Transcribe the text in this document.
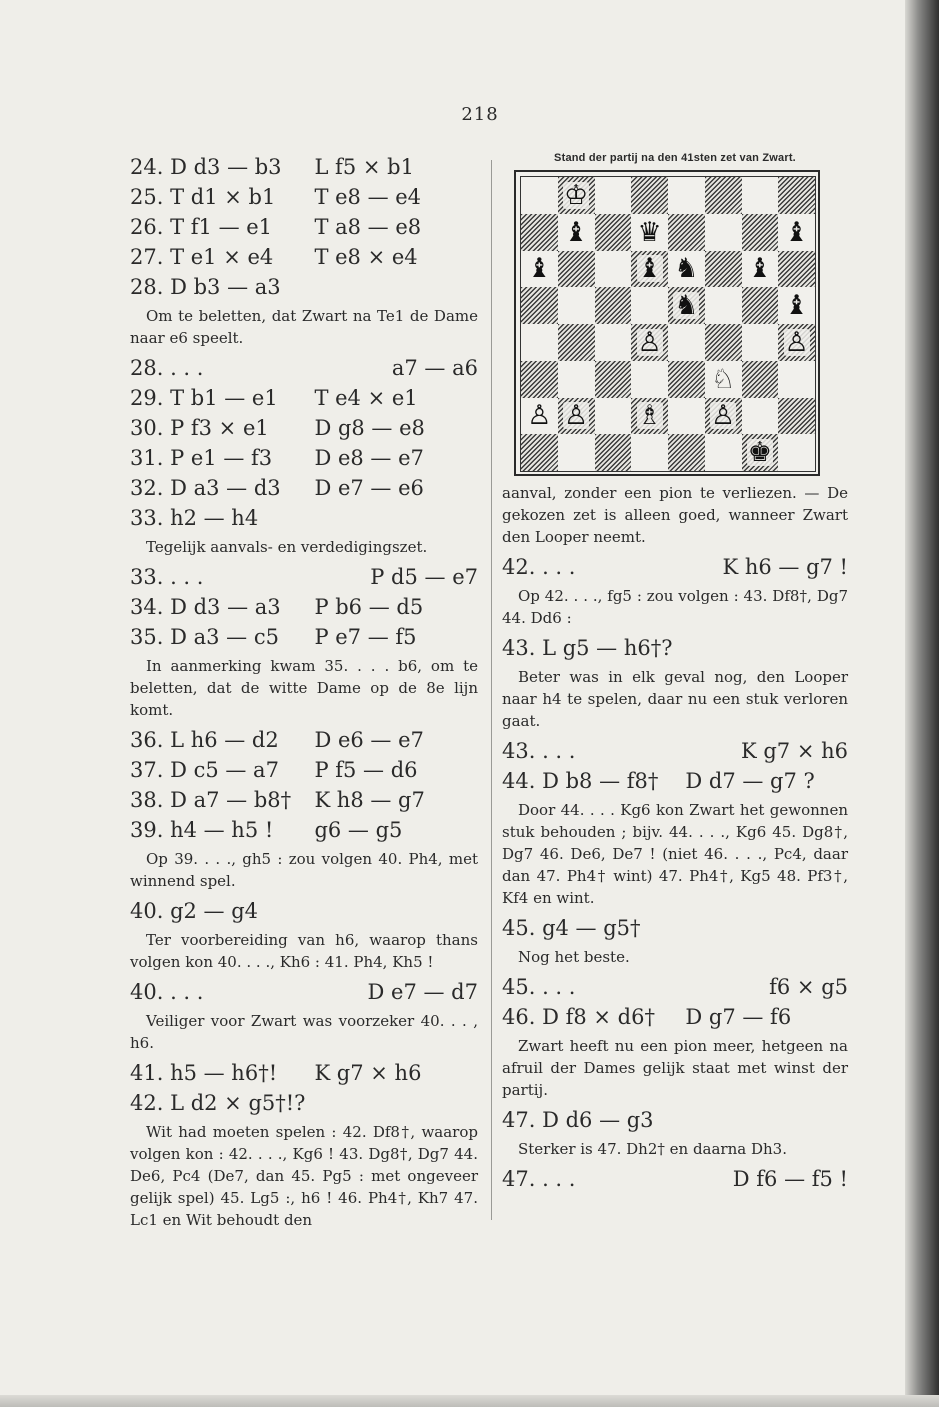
218
24. D d3 — b3	L f5 × b1
25. T d1 × b1	T e8 — e4
26. T f1 — e1	T a8 — e8
27. T e1 × e4	T e8 × e4
28. D b3 — a3
Om te beletten, dat Zwart na Te1 de Dame naar e6 speelt.
28. . . .	a7 — a6
29. T b1 — e1	T e4 × e1
30. P f3 × e1	D g8 — e8
31. P e1 — f3	D e8 — e7
32. D a3 — d3	D e7 — e6
33. h2 — h4
Tegelijk aanvals- en verdedigingszet.
33. . . .	P d5 — e7
34. D d3 — a3	P b6 — d5
35. D a3 — c5	P e7 — f5
In aanmerking kwam 35. . . . b6, om te beletten, dat de witte Dame op de 8e lijn komt.
36. L h6 — d2	D e6 — e7
37. D c5 — a7	P f5 — d6
38. D a7 — b8†	K h8 — g7
39. h4 — h5 !	g6 — g5
Op 39. . . ., gh5 : zou volgen 40. Ph4, met winnend spel.
40. g2 — g4
Ter voorbereiding van h6, waarop thans volgen kon 40. . . ., Kh6 : 41. Ph4, Kh5 !
40. . . .	D e7 — d7
Veiliger voor Zwart was voorzeker 40. . . , h6.
41. h5 — h6†!	K g7 × h6
42. L d2 × g5†!?
Wit had moeten spelen : 42. Df8†, waarop volgen kon : 42. . . ., Kg6 ! 43. Dg8†, Dg7 44. De6, Pc4 (De7, dan 45. Pg5 : met ongeveer gelijk spel) 45. Lg5 :, h6 ! 46. Ph4†, Kh7 47. Lc1 en Wit behoudt den
Stand der partij na den 41sten zet van Zwart.
♔
♝ ♛	♝
♝	♝ ♞ ♝
♞	♝
♙	♙
♘
♙ ♙ ♗ ♙
♚
aanval, zonder een pion te verliezen. — De gekozen zet is alleen goed, wanneer Zwart den Looper neemt.
42. . . .	K h6 — g7 !
Op 42. . . ., fg5 : zou volgen : 43. Df8†, Dg7 44. Dd6 :
43. L g5 — h6†?
Beter was in elk geval nog, den Looper naar h4 te spelen, daar nu een stuk verloren gaat.
43. . . .	K g7 × h6
44. D b8 — f8†	D d7 — g7 ?
Door 44. . . . Kg6 kon Zwart het gewonnen stuk behouden ; bijv. 44. . . ., Kg6 45. Dg8†, Dg7 46. De6, De7 ! (niet 46. . . ., Pc4, daar dan 47. Ph4† wint) 47. Ph4†, Kg5 48. Pf3†, Kf4 en wint.
45. g4 — g5†
Nog het beste.
45. . . .	f6 × g5
46. D f8 × d6†	D g7 — f6
Zwart heeft nu een pion meer, hetgeen na afruil der Dames gelijk staat met winst der partij.
47. D d6 — g3
Sterker is 47. Dh2† en daarna Dh3.
47. . . .	D f6 — f5 !
